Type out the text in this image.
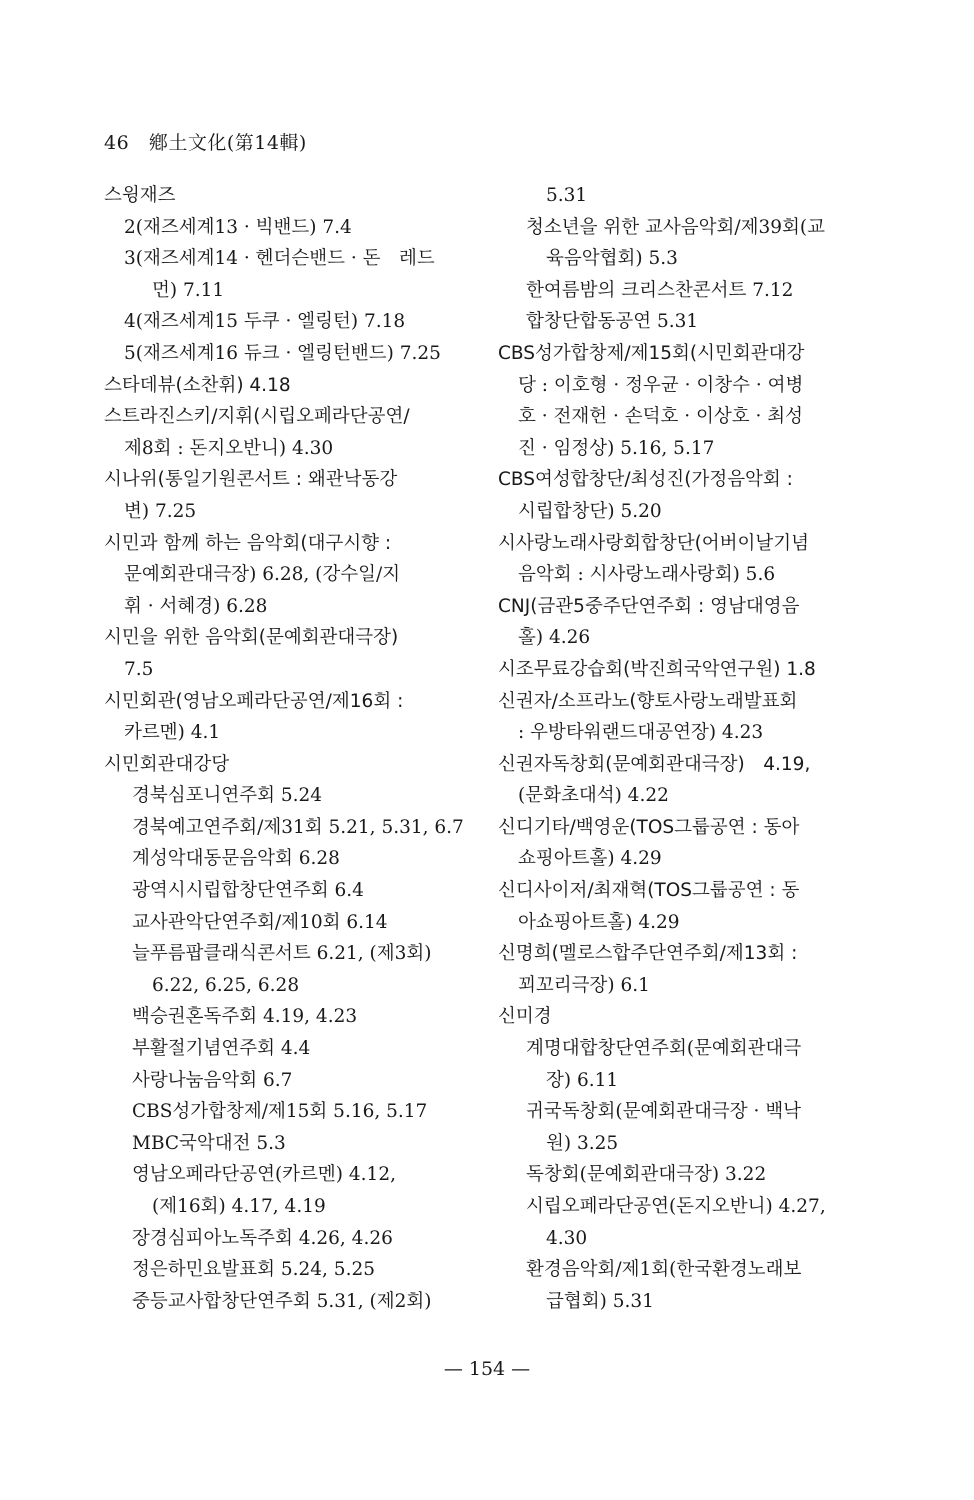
46 鄕土文化(第14輯)
스윙재즈
2(재즈세계13 · 빅밴드) 7.4
3(재즈세계14 · 헨더슨밴드 · 돈　레드
먼) 7.11
4(재즈세계15 두쿠 · 엘링턴) 7.18
5(재즈세계16 듀크 · 엘링턴밴드) 7.25
스타데뷰(소찬휘) 4.18
스트라진스키/지휘(시립오페라단공연/
제8회 : 돈지오반니) 4.30
시나위(통일기원콘서트 : 왜관낙동강
변) 7.25
시민과 함께 하는 음악회(대구시향 :
문예회관대극장) 6.28, (강수일/지
휘 · 서혜경) 6.28
시민을 위한 음악회(문예회관대극장)
7.5
시민회관(영남오페라단공연/제16회 :
카르멘) 4.1
시민회관대강당
경북심포니연주회 5.24
경북예고연주회/제31회 5.21, 5.31, 6.7
계성악대동문음악회 6.28
광역시시립합창단연주회 6.4
교사관악단연주회/제10회 6.14
늘푸름팝클래식콘서트 6.21, (제3회)
6.22, 6.25, 6.28
백승권혼독주회 4.19, 4.23
부활절기념연주회 4.4
사랑나눔음악회 6.7
CBS성가합창제/제15회 5.16, 5.17
MBC국악대전 5.3
영남오페라단공연(카르멘) 4.12,
(제16회) 4.17, 4.19
장경심피아노독주회 4.26, 4.26
정은하민요발표회 5.24, 5.25
중등교사합창단연주회 5.31, (제2회)
5.31
청소년을 위한 교사음악회/제39회(교
육음악협회) 5.3
한여름밤의 크리스찬콘서트 7.12
합창단합동공연 5.31
CBS성가합창제/제15회(시민회관대강
당 : 이호형 · 정우균 · 이창수 · 여병
호 · 전재헌 · 손덕호 · 이상호 · 최성
진 · 임정상) 5.16, 5.17
CBS여성합창단/최성진(가정음악회 :
시립합창단) 5.20
시사랑노래사랑회합창단(어버이날기념
음악회 : 시사랑노래사랑회) 5.6
CNJ(금관5중주단연주회 : 영남대영음
홀) 4.26
시조무료강습회(박진희국악연구원) 1.8
신권자/소프라노(향토사랑노래발표회
: 우방타워랜드대공연장) 4.23
신권자독창회(문예회관대극장)　4.19,
(문화초대석) 4.22
신디기타/백영운(TOS그룹공연 : 동아
쇼핑아트홀) 4.29
신디사이저/최재혁(TOS그룹공연 : 동
아쇼핑아트홀) 4.29
신명희(멜로스합주단연주회/제13회 :
꾀꼬리극장) 6.1
신미경
계명대합창단연주회(문예회관대극
장) 6.11
귀국독창회(문예회관대극장 · 백낙
원) 3.25
독창회(문예회관대극장) 3.22
시립오페라단공연(돈지오반니) 4.27,
4.30
환경음악회/제1회(한국환경노래보
급협회) 5.31
— 154 —
